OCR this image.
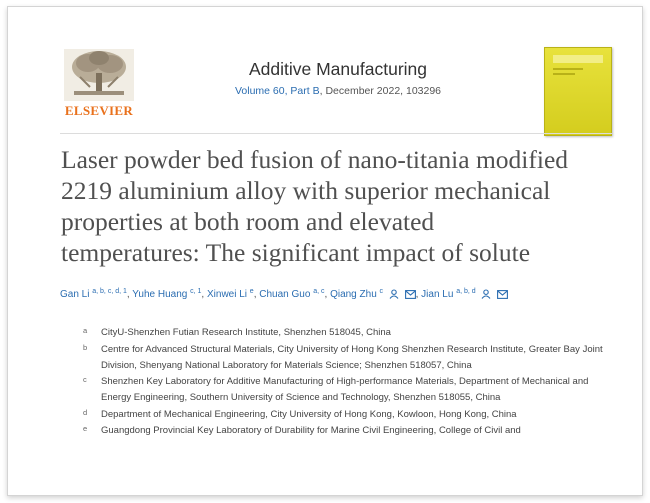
ELSEVIER
Additive Manufacturing
Volume 60, Part B, December 2022, 103296
Laser powder bed fusion of nano-titania modified
2219 aluminium alloy with superior mechanical
properties at both room and elevated
temperatures: The significant impact of solute
Gan Li $^{a, b, c, d, 1}$, Yuhe Huang $^{c, 1}$, Xinwei Li $^e$, Chuan Guo $^{a, c}$, Qiang Zhu $^c$	, Jian Lu $^{a, b, d}$
a CityU-Shenzhen Futian Research Institute, Shenzhen 518045, China
b Centre for Advanced Structural Materials, City University of Hong Kong Shenzhen Research Institute, Greater Bay Joint Division, Shenyang National Laboratory for Materials Science; Shenzhen 518057, China
c Shenzhen Key Laboratory for Additive Manufacturing of High-performance Materials, Department of Mechanical and Energy Engineering, Southern University of Science and Technology, Shenzhen 518055, China
d Department of Mechanical Engineering, City University of Hong Kong, Kowloon, Hong Kong, China
e Guangdong Provincial Key Laboratory of Durability for Marine Civil Engineering, College of Civil and
